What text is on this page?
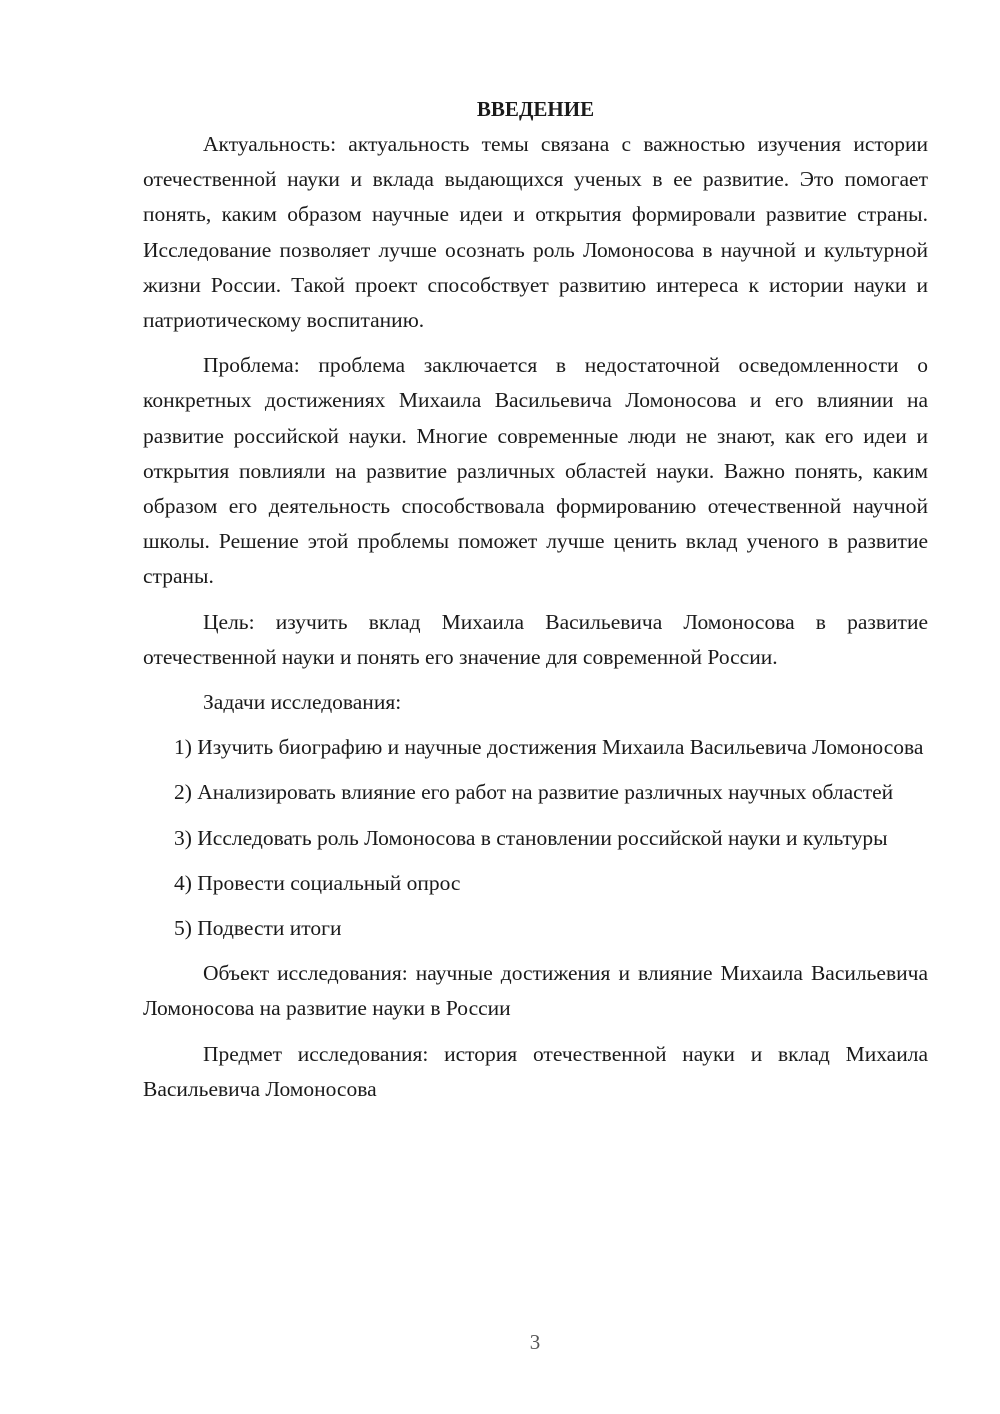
ВВЕДЕНИЕ

Актуальность: актуальность темы связана с важностью изучения истории отечественной науки и вклада выдающихся ученых в ее развитие. Это помогает понять, каким образом научные идеи и открытия формировали развитие страны. Исследование позволяет лучше осознать роль Ломоносова в научной и культурной жизни России. Такой проект способствует развитию интереса к истории науки и патриотическому воспитанию.

Проблема: проблема заключается в недостаточной осведомленности о конкретных достижениях Михаила Васильевича Ломоносова и его влиянии на развитие российской науки. Многие современные люди не знают, как его идеи и открытия повлияли на развитие различных областей науки. Важно понять, каким образом его деятельность способствовала формированию отечественной научной школы. Решение этой проблемы поможет лучше ценить вклад ученого в развитие страны.

Цель: изучить вклад Михаила Васильевича Ломоносова в развитие отечественной науки и понять его значение для современной России.

Задачи исследования:

1) Изучить биографию и научные достижения Михаила Васильевича Ломоносова

2) Анализировать влияние его работ на развитие различных научных областей

3) Исследовать роль Ломоносова в становлении российской науки и культуры

4) Провести социальный опрос

5) Подвести итоги

Объект исследования: научные достижения и влияние Михаила Васильевича Ломоносова на развитие науки в России

Предмет исследования: история отечественной науки и вклад Михаила Васильевича Ломоносова

3
